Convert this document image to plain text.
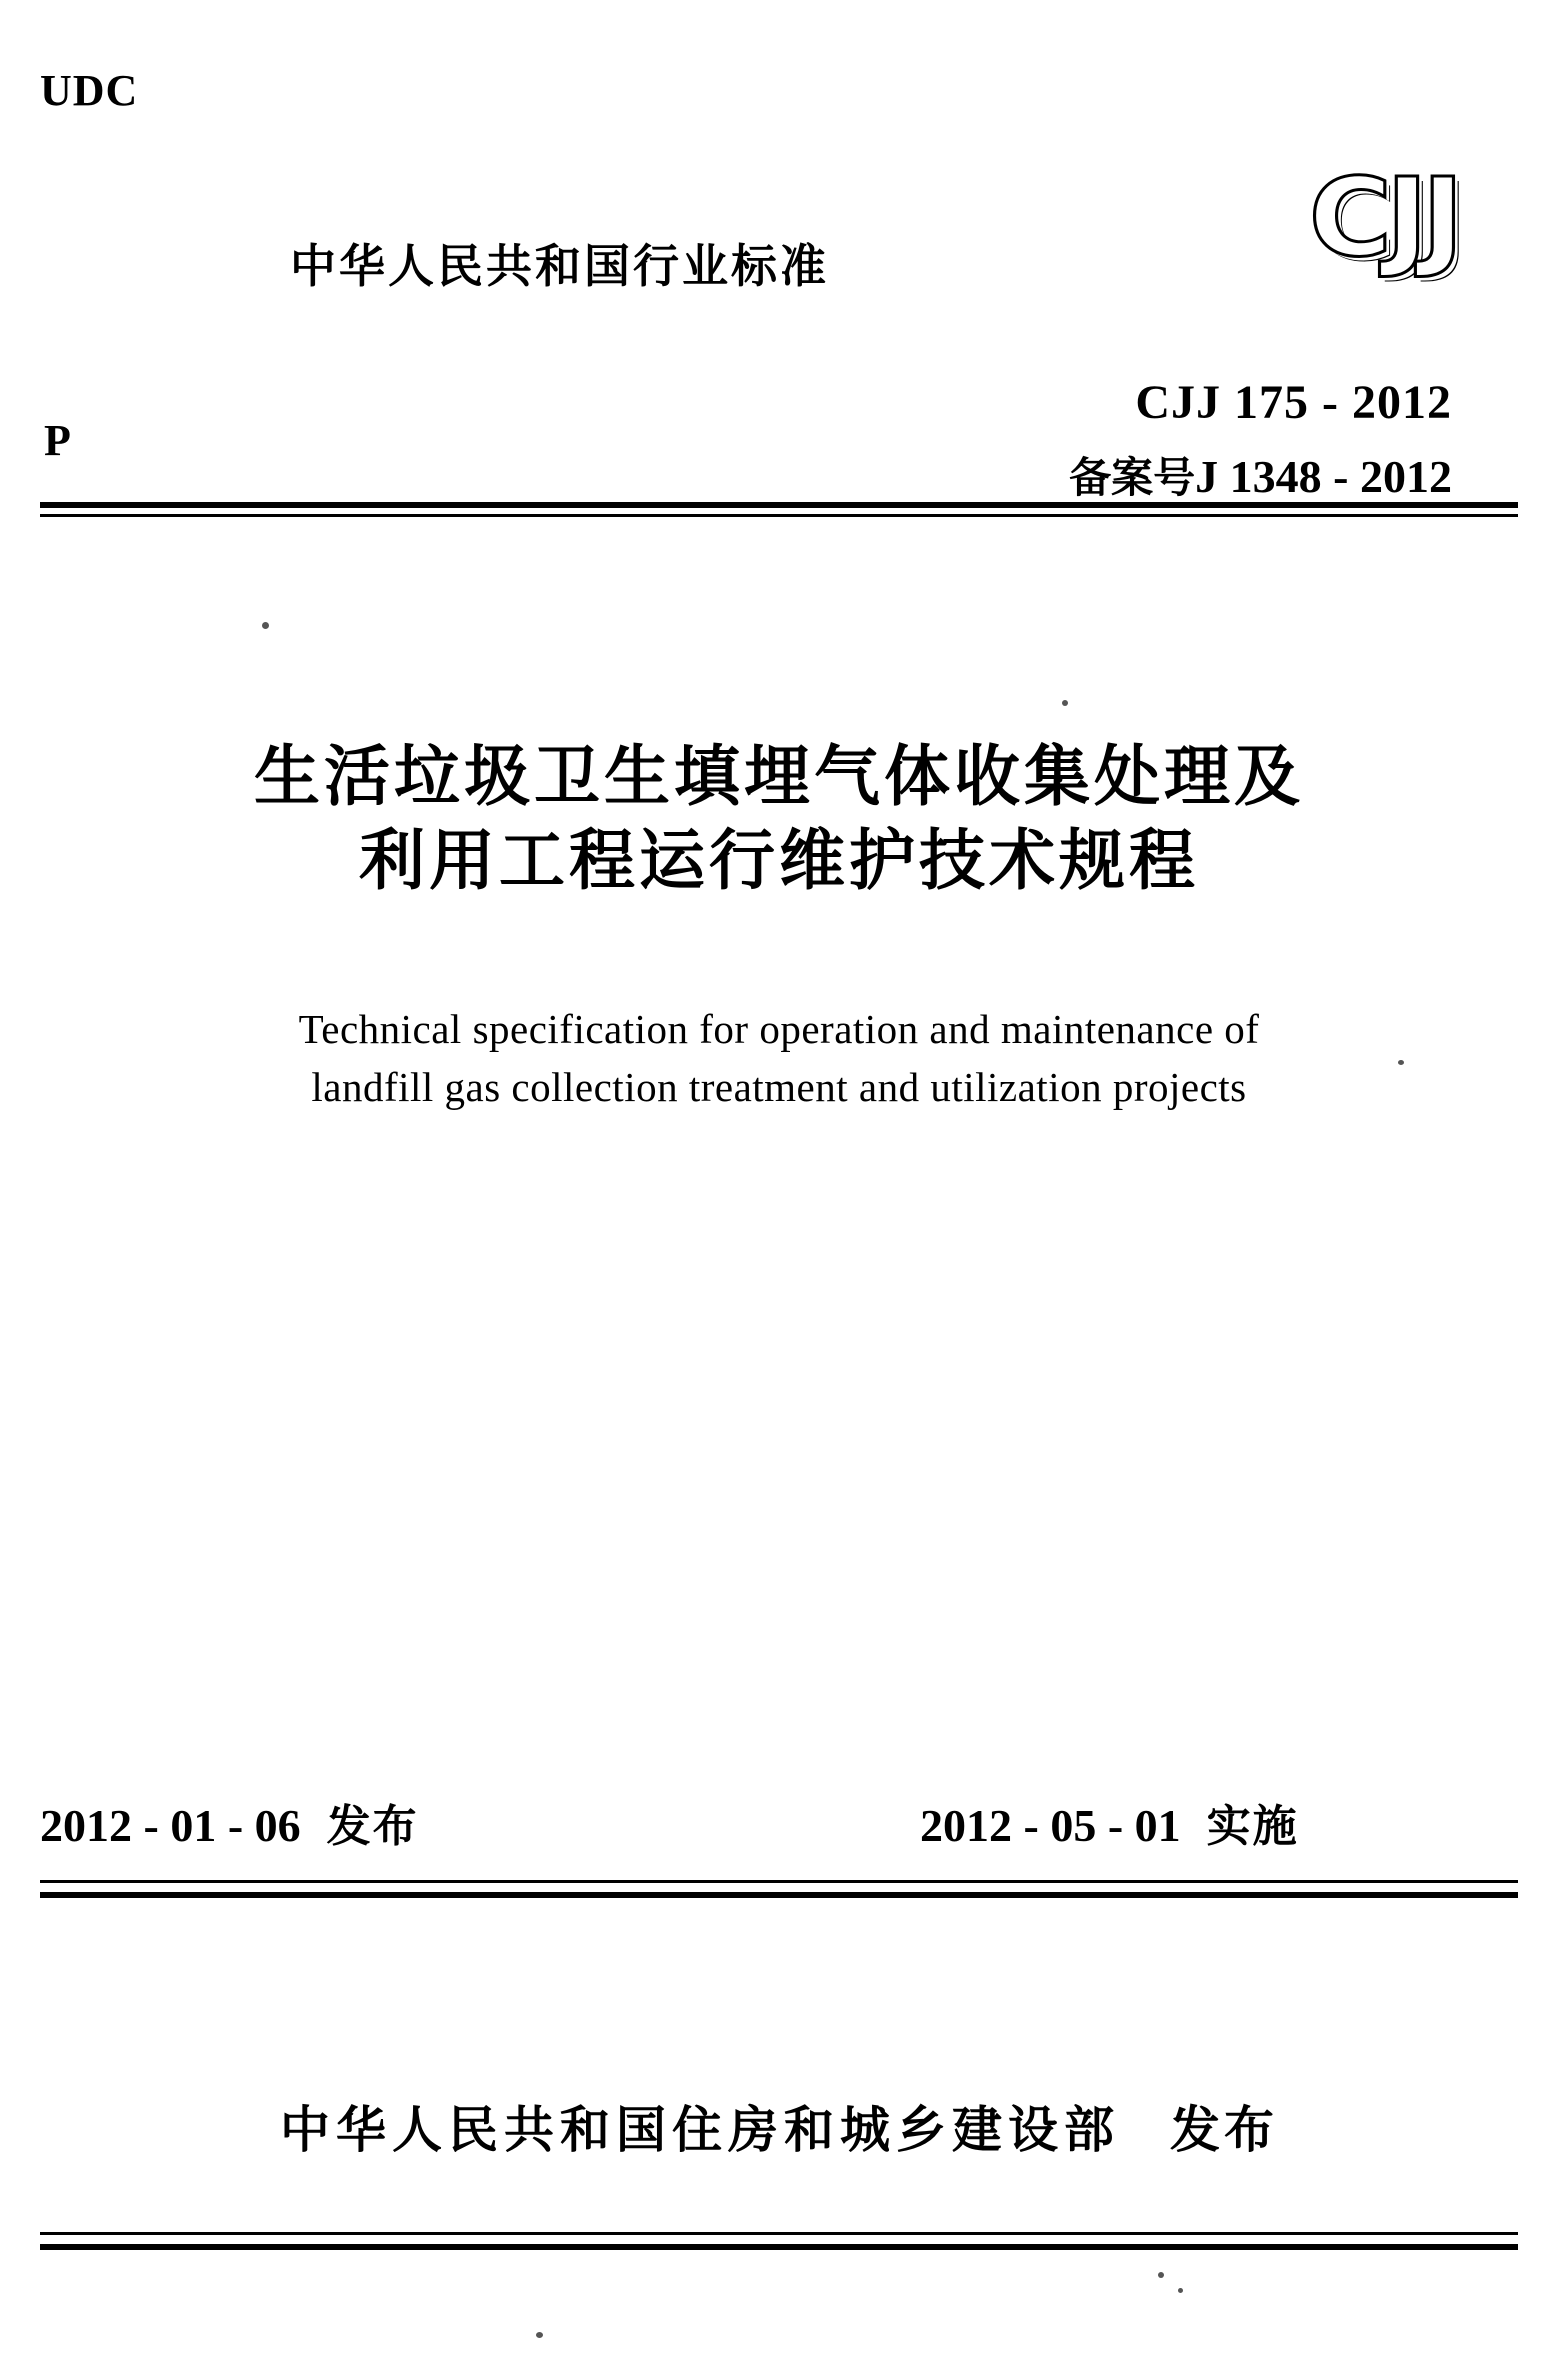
UDC
P
中华人民共和国行业标准	CJJ
CJJ 175 - 2012
备案号J 1348 - 2012
生活垃圾卫生填埋气体收集处理及
利用工程运行维护技术规程
Technical specification for operation and maintenance of
landfill gas collection treatment and utilization projects
2012 - 01 - 06 发布	2012 - 05 - 01 实施
中华人民共和国住房和城乡建设部 发布
